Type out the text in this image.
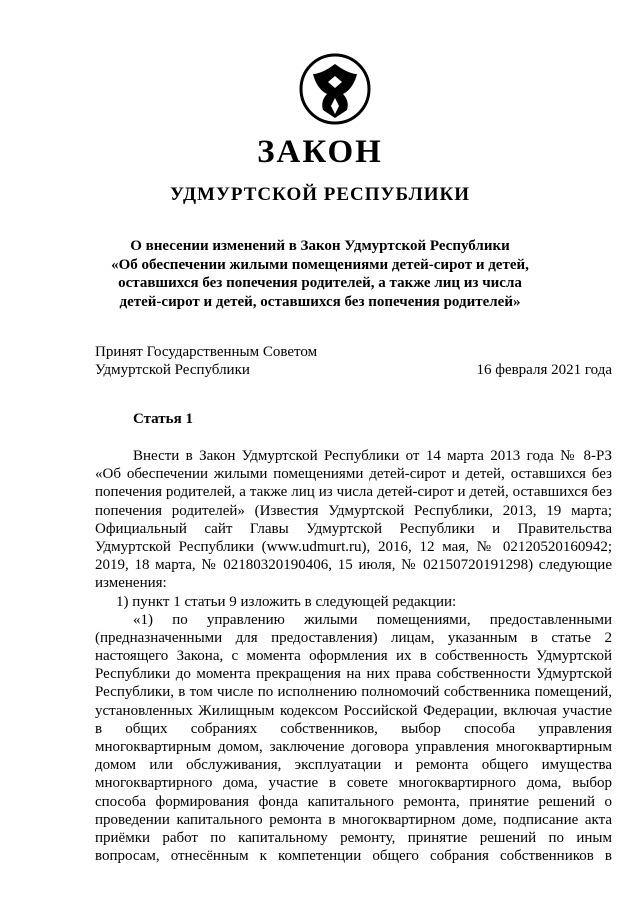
ЗАКОН
УДМУРТСКОЙ РЕСПУБЛИКИ
О внесении изменений в Закон Удмуртской Республики
«Об обеспечении жилыми помещениями детей-сирот и детей,
оставшихся без попечения родителей, а также лиц из числа
детей-сирот и детей, оставшихся без попечения родителей»
Принят Государственным Советом
Удмуртской Республики	16 февраля 2021 года
Статья 1
Внести в Закон Удмуртской Республики от 14 марта 2013 года № 8-РЗ
«Об обеспечении жилыми помещениями детей-сирот и детей, оставшихся без
попечения родителей, а также лиц из числа детей-сирот и детей, оставшихся без
попечения родителей» (Известия Удмуртской Республики, 2013, 19 марта;
Официальный сайт Главы Удмуртской Республики и Правительства
Удмуртской Республики (www.udmurt.ru), 2016, 12 мая, № 02120520160942;
2019, 18 марта, № 02180320190406, 15 июля, № 02150720191298) следующие
изменения:
1) пункт 1 статьи 9 изложить в следующей редакции:
«1) по управлению жилыми помещениями, предоставленными
(предназначенными для предоставления) лицам, указанным в статье 2
настоящего Закона, с момента оформления их в собственность Удмуртской
Республики до момента прекращения на них права собственности Удмуртской
Республики, в том числе по исполнению полномочий собственника помещений,
установленных Жилищным кодексом Российской Федерации, включая участие
в общих собраниях собственников, выбор способа управления
многоквартирным домом, заключение договора управления многоквартирным
домом или обслуживания, эксплуатации и ремонта общего имущества
многоквартирного дома, участие в совете многоквартирного дома, выбор
способа формирования фонда капитального ремонта, принятие решений о
проведении капитального ремонта в многоквартирном доме, подписание акта
приёмки работ по капитальному ремонту, принятие решений по иным
вопросам, отнесённым к компетенции общего собрания собственников в
